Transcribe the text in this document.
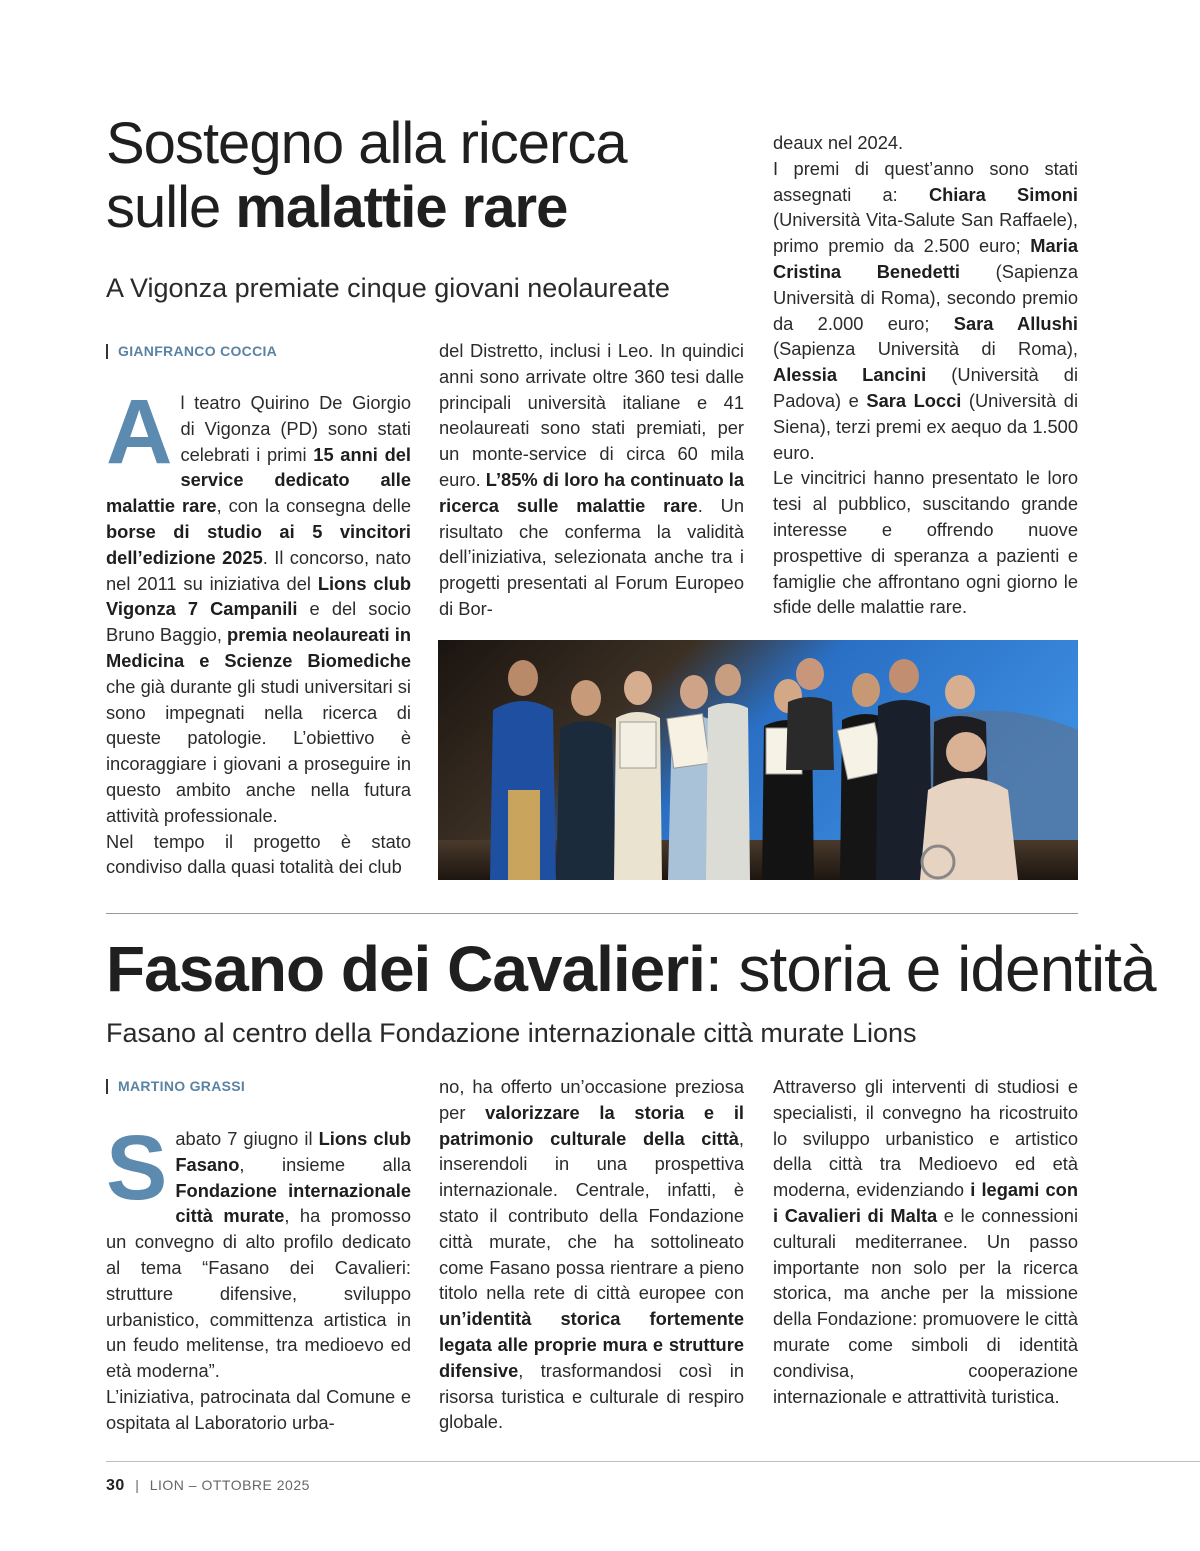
Sostegno alla ricerca
sulle malattie rare

A Vigonza premiate cinque giovani neolaureate

GIANFRANCO COCCIA

Al teatro Quirino De Giorgio di Vigonza (PD) sono stati celebrati i primi 15 anni del service dedicato alle malattie rare, con la consegna delle borse di studio ai 5 vincitori dell’edizione 2025. Il concorso, nato nel 2011 su iniziativa del Lions club Vigonza 7 Campanili e del socio Bruno Baggio, premia neolaureati in Medicina e Scienze Biomediche che già durante gli studi universitari si sono impegnati nella ricerca di queste patologie. L’obiettivo è incoraggiare i giovani a proseguire in questo ambito anche nella futura attività professionale.

Nel tempo il progetto è stato condiviso dalla quasi totalità dei club

del Distretto, inclusi i Leo. In quindici anni sono arrivate oltre 360 tesi dalle principali università italiane e 41 neolaureati sono stati premiati, per un monte-service di circa 60 mila euro. L’85% di loro ha continuato la ricerca sulle malattie rare. Un risultato che conferma la validità dell’iniziativa, selezionata anche tra i progetti presentati al Forum Europeo di Bor-

deaux nel 2024.

I premi di quest’anno sono stati assegnati a: Chiara Simoni (Università Vita-Salute San Raffaele), primo premio da 2.500 euro; Maria Cristina Benedetti (Sapienza Università di Roma), secondo premio da 2.000 euro; Sara Allushi (Sapienza Università di Roma), Alessia Lancini (Università di Padova) e Sara Locci (Università di Siena), terzi premi ex aequo da 1.500 euro.

Le vincitrici hanno presentato le loro tesi al pubblico, suscitando grande interesse e offrendo nuove prospettive di speranza a pazienti e famiglie che affrontano ogni giorno le sfide delle malattie rare.

Fasano dei Cavalieri: storia e identità

Fasano al centro della Fondazione internazionale città murate Lions

MARTINO GRASSI

Sabato 7 giugno il Lions club Fasano, insieme alla Fondazione internazionale città murate, ha promosso un convegno di alto profilo dedicato al tema “Fasano dei Cavalieri: strutture difensive, sviluppo urbanistico, committenza artistica in un feudo melitense, tra medioevo ed età moderna”.

L’iniziativa, patrocinata dal Comune e ospitata al Laboratorio urba-

no, ha offerto un’occasione preziosa per valorizzare la storia e il patrimonio culturale della città, inserendoli in una prospettiva internazionale. Centrale, infatti, è stato il contributo della Fondazione città murate, che ha sottolineato come Fasano possa rientrare a pieno titolo nella rete di città europee con un’identità storica fortemente legata alle proprie mura e strutture difensive, trasformandosi così in risorsa turistica e culturale di respiro globale.

Attraverso gli interventi di studiosi e specialisti, il convegno ha ricostruito lo sviluppo urbanistico e artistico della città tra Medioevo ed età moderna, evidenziando i legami con i Cavalieri di Malta e le connessioni culturali mediterranee. Un passo importante non solo per la ricerca storica, ma anche per la missione della Fondazione: promuovere le città murate come simboli di identità condivisa, cooperazione internazionale e attrattività turistica.

30 | LION – OTTOBRE 2025
